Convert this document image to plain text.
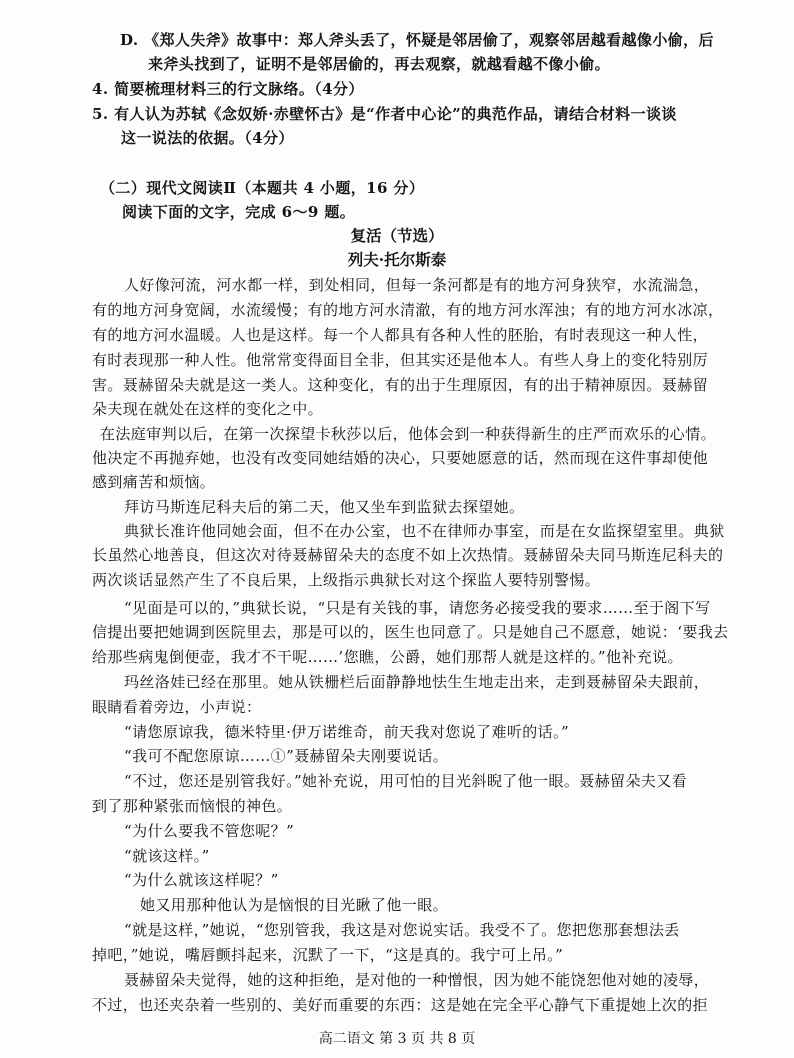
D. 《郑人失斧》故事中：郑人斧头丢了，怀疑是邻居偷了，观察邻居越看越像小偷，后
来斧头找到了，证明不是邻居偷的，再去观察，就越看越不像小偷。
4. 简要梳理材料三的行文脉络。（4分）
5. 有人认为苏轼《念奴娇·赤壁怀古》是“作者中心论”的典范作品，请结合材料一谈谈
这一说法的依据。（4分）
（二）现代文阅读Ⅱ（本题共 4 小题，16 分）
阅读下面的文字，完成 6～9 题。
复活（节选）
列夫·托尔斯泰
人好像河流，河水都一样，到处相同，但每一条河都是有的地方河身狭窄，水流湍急，
有的地方河身宽阔，水流缓慢；有的地方河水清澈，有的地方河水浑浊；有的地方河水冰凉，
有的地方河水温暖。人也是这样。每一个人都具有各种人性的胚胎，有时表现这一种人性，
有时表现那一种人性。他常常变得面目全非，但其实还是他本人。有些人身上的变化特别厉
害。聂赫留朵夫就是这一类人。这种变化，有的出于生理原因，有的出于精神原因。聂赫留
朵夫现在就处在这样的变化之中。
在法庭审判以后，在第一次探望卡秋莎以后，他体会到一种获得新生的庄严而欢乐的心情。
他决定不再抛弃她，也没有改变同她结婚的决心，只要她愿意的话，然而现在这件事却使他
感到痛苦和烦恼。
拜访马斯连尼科夫后的第二天，他又坐车到监狱去探望她。
典狱长准许他同她会面，但不在办公室，也不在律师办事室，而是在女监探望室里。典狱
长虽然心地善良，但这次对待聂赫留朵夫的态度不如上次热情。聂赫留朵夫同马斯连尼科夫的
两次谈话显然产生了不良后果，上级指示典狱长对这个探监人要特别警惕。
“见面是可以的，”典狱长说，“只是有关钱的事，请您务必接受我的要求……至于阁下写
信提出要把她调到医院里去，那是可以的，医生也同意了。只是她自己不愿意，她说：‘要我去
给那些病鬼倒便壶，我才不干呢……’您瞧，公爵，她们那帮人就是这样的。”他补充说。
玛丝洛娃已经在那里。她从铁栅栏后面静静地怯生生地走出来，走到聂赫留朵夫跟前，
眼睛看着旁边，小声说：
“请您原谅我，德米特里·伊万诺维奇，前天我对您说了难听的话。”
“我可不配您原谅……①”聂赫留朵夫刚要说话。
“不过，您还是别管我好。”她补充说，用可怕的目光斜睨了他一眼。聂赫留朵夫又看
到了那种紧张而恼恨的神色。
“为什么要我不管您呢？”
“就该这样。”
“为什么就该这样呢？”
她又用那种他认为是恼恨的目光瞅了他一眼。
“就是这样，”她说，“您别管我，我这是对您说实话。我受不了。您把您那套想法丢
掉吧，”她说，嘴唇颤抖起来，沉默了一下，“这是真的。我宁可上吊。”
聂赫留朵夫觉得，她的这种拒绝，是对他的一种憎恨，因为她不能饶恕他对她的凌辱，
不过，也还夹杂着一些别的、美好而重要的东西：这是她在完全平心静气下重提她上次的拒
高二语文 第 3 页 共 8 页
